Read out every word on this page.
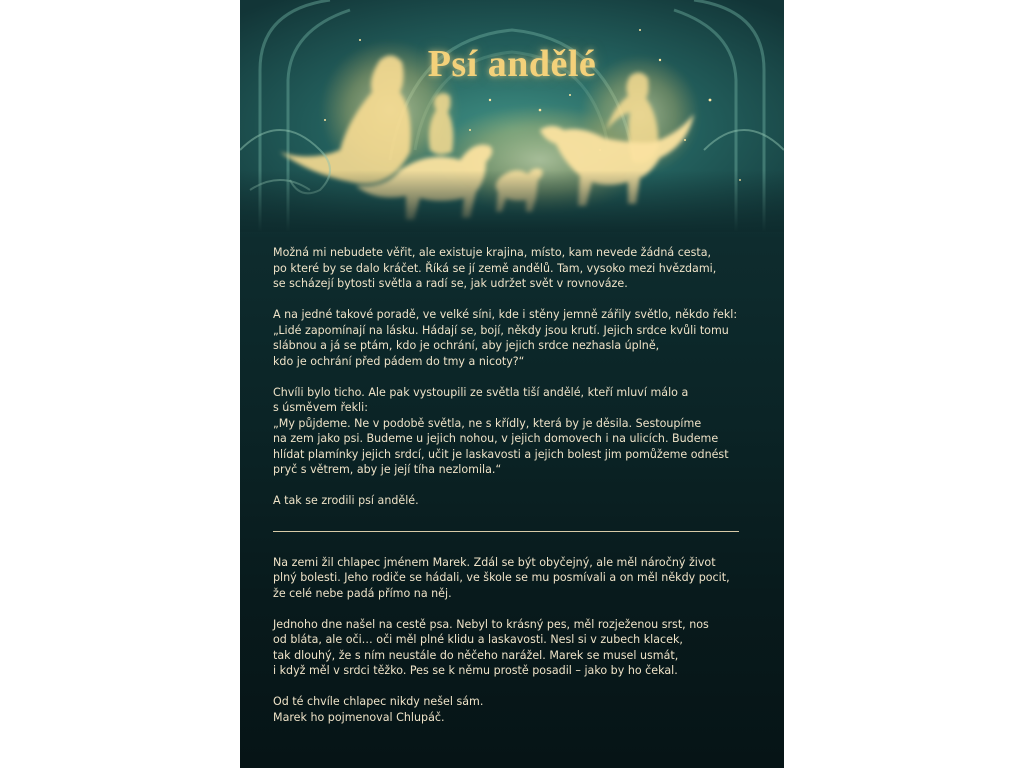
Psí andělé

Možná mi nebudete věřit, ale existuje krajina, místo, kam nevede žádná cesta,
po které by se dalo kráčet. Říká se jí země andělů. Tam, vysoko mezi hvězdami,
se scházejí bytosti světla a radí se, jak udržet svět v rovnováze.

A na jedné takové poradě, ve velké síni, kde i stěny jemně zářily světlo, někdo řekl:
„Lidé zapomínají na lásku. Hádají se, bojí, někdy jsou krutí. Jejich srdce kvůli tomu
slábnou a já se ptám, kdo je ochrání, aby jejich srdce nezhasla úplně,
kdo je ochrání před pádem do tmy a nicoty?“

Chvíli bylo ticho. Ale pak vystoupili ze světla tiší andělé, kteří mluví málo a
s úsměvem řekli:
„My půjdeme. Ne v podobě světla, ne s křídly, která by je děsila. Sestoupíme
na zem jako psi. Budeme u jejich nohou, v jejich domovech i na ulicích. Budeme
hlídat plamínky jejich srdcí, učit je laskavosti a jejich bolest jim pomůžeme odnést
pryč s větrem, aby je její tíha nezlomila.“

A tak se zrodili psí andělé.

Na zemi žil chlapec jménem Marek. Zdál se být obyčejný, ale měl náročný život
plný bolesti. Jeho rodiče se hádali, ve škole se mu posmívali a on měl někdy pocit,
že celé nebe padá přímo na něj.

Jednoho dne našel na cestě psa. Nebyl to krásný pes, měl rozježenou srst, nos
od bláta, ale oči… oči měl plné klidu a laskavosti. Nesl si v zubech klacek,
tak dlouhý, že s ním neustále do něčeho narážel. Marek se musel usmát,
i když měl v srdci těžko. Pes se k němu prostě posadil – jako by ho čekal.

Od té chvíle chlapec nikdy nešel sám.
Marek ho pojmenoval Chlupáč.
